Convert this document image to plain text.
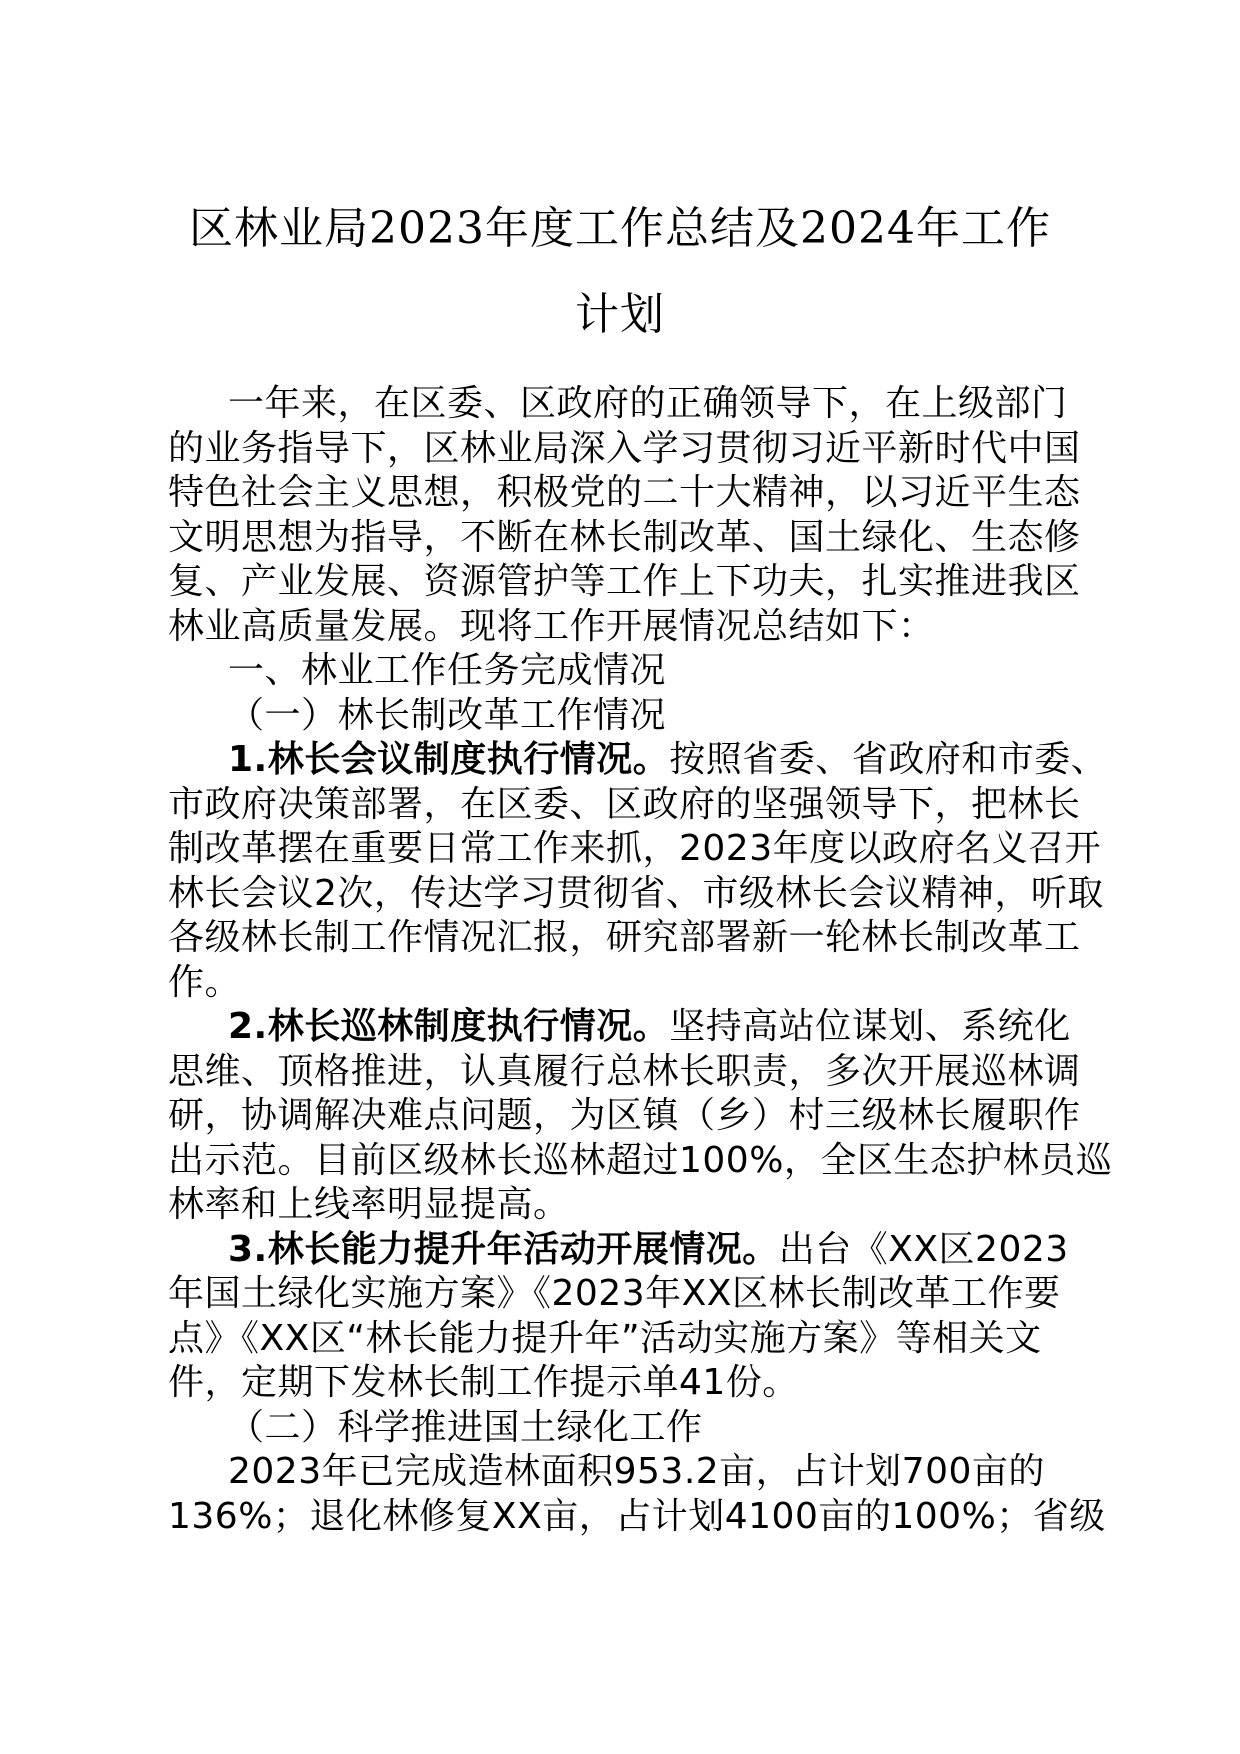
区林业局2023年度工作总结及2024年工作
计划
一年来，在区委、区政府的正确领导下，在上级部门
的业务指导下，区林业局深入学习贯彻习近平新时代中国
特色社会主义思想，积极党的二十大精神，以习近平生态
文明思想为指导，不断在林长制改革、国土绿化、生态修
复、产业发展、资源管护等工作上下功夫，扎实推进我区
林业高质量发展。现将工作开展情况总结如下：
一、林业工作任务完成情况
（一）林长制改革工作情况
1.林长会议制度执行情况。按照省委、省政府和市委、
市政府决策部署，在区委、区政府的坚强领导下，把林长
制改革摆在重要日常工作来抓，2023年度以政府名义召开
林长会议2次，传达学习贯彻省、市级林长会议精神，听取
各级林长制工作情况汇报，研究部署新一轮林长制改革工
作。
2.林长巡林制度执行情况。坚持高站位谋划、系统化
思维、顶格推进，认真履行总林长职责，多次开展巡林调
研，协调解决难点问题，为区镇（乡）村三级林长履职作
出示范。目前区级林长巡林超过100%，全区生态护林员巡
林率和上线率明显提高。
3.林长能力提升年活动开展情况。出台《XX区2023
年国土绿化实施方案》《2023年XX区林长制改革工作要
点》《XX区“林长能力提升年”活动实施方案》等相关文
件，定期下发林长制工作提示单41份。
（二）科学推进国土绿化工作
2023年已完成造林面积953.2亩，占计划700亩的
136%；退化林修复XX亩，占计划4100亩的100%；省级
